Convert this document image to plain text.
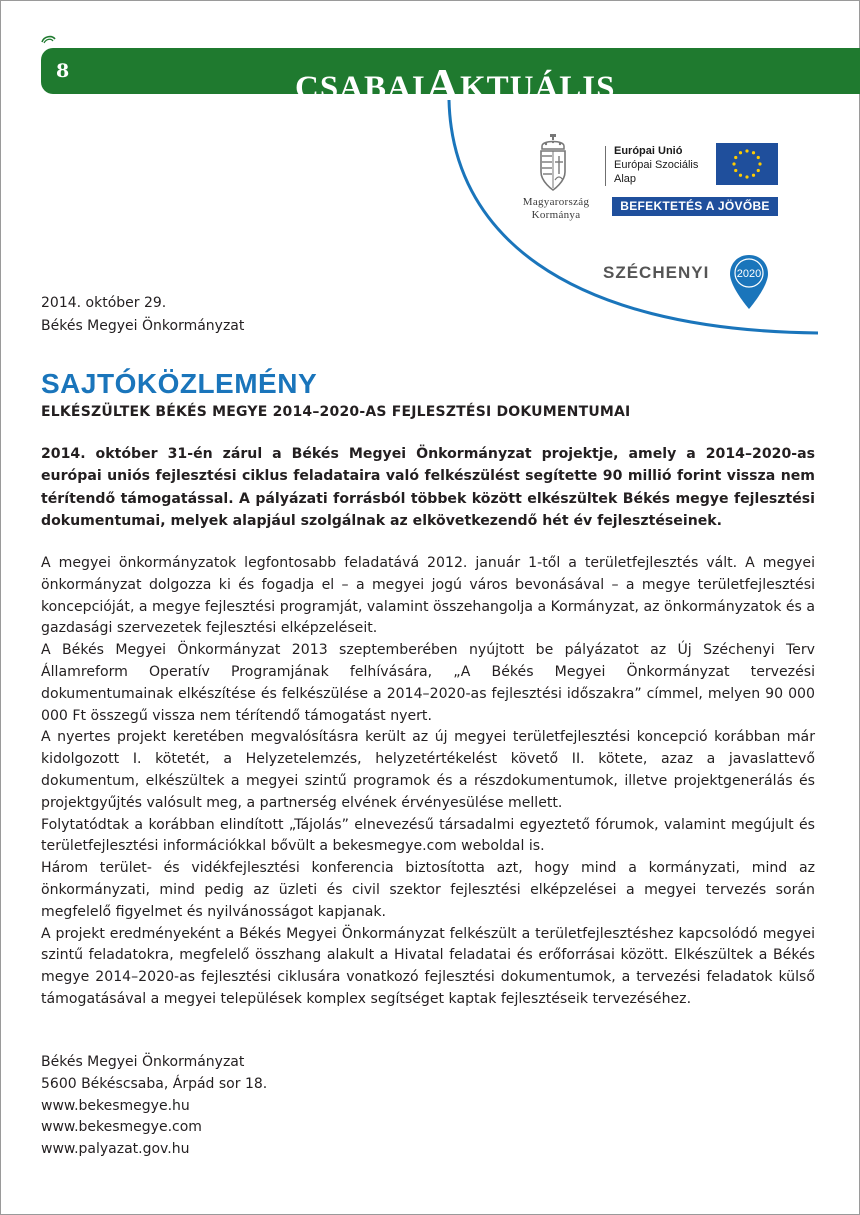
8	CSABAIAKTUÁLIS
Magyarország
Kormánya
Európai Unió
Európai Szociális
Alap
BEFEKTETÉS A JÖVŐBE
SZÉCHENYI 2020
2014. október 29.
Békés Megyei Önkormányzat
SAJTÓKÖZLEMÉNY
ELKÉSZÜLTEK BÉKÉS MEGYE 2014–2020-AS FEJLESZTÉSI DOKUMENTUMAI
2014. október 31-én zárul a Békés Megyei Önkormányzat projektje, amely a 2014–2020-as európai uniós fejlesztési ciklus feladataira való felkészülést segítette 90 millió forint vissza nem térítendő támogatással. A pályázati forrásból többek között elkészültek Békés megye fejlesztési dokumentumai, melyek alapjául szolgálnak az elkövetkezendő hét év fejlesztéseinek.

A megyei önkormányzatok legfontosabb feladatává 2012. január 1-től a területfejlesztés vált. A megyei önkormányzat dolgozza ki és fogadja el – a megyei jogú város bevonásával – a megye területfejlesztési koncepcióját, a megye fejlesztési programját, valamint összehangolja a Kormányzat, az önkormányzatok és a gazdasági szervezetek fejlesztési elképzeléseit.

A Békés Megyei Önkormányzat 2013 szeptemberében nyújtott be pályázatot az Új Széchenyi Terv Államreform Operatív Programjának felhívására, „A Békés Megyei Önkormányzat tervezési dokumentumainak elkészítése és felkészülése a 2014–2020-as fejlesztési időszakra” címmel, melyen 90 000 000 Ft összegű vissza nem térítendő támogatást nyert.

A nyertes projekt keretében megvalósításra került az új megyei területfejlesztési koncepció korábban már kidolgozott I. kötetét, a Helyzetelemzés, helyzetértékelést követő II. kötete, azaz a javaslattevő dokumentum, elkészültek a megyei szintű programok és a részdokumentumok, illetve projektgenerálás és projektgyűjtés valósult meg, a partnerség elvének érvényesülése mellett.

Folytatódtak a korábban elindított „Tájolás” elnevezésű társadalmi egyeztető fórumok, valamint megújult és területfejlesztési információkkal bővült a bekesmegye.com weboldal is.

Három terület- és vidékfejlesztési konferencia biztosította azt, hogy mind a kormányzati, mind az önkormányzati, mind pedig az üzleti és civil szektor fejlesztési elképzelései a megyei tervezés során megfelelő figyelmet és nyilvánosságot kapjanak.

A projekt eredményeként a Békés Megyei Önkormányzat felkészült a területfejlesztéshez kapcsolódó megyei szintű feladatokra, megfelelő összhang alakult a Hivatal feladatai és erőforrásai között. Elkészültek a Békés megye 2014–2020-as fejlesztési ciklusára vonatkozó fejlesztési dokumentumok, a tervezési feladatok külső támogatásával a megyei települések komplex segítséget kaptak fejlesztéseik tervezéséhez.

Békés Megyei Önkormányzat
5600 Békéscsaba, Árpád sor 18.
www.bekesmegye.hu
www.bekesmegye.com
www.palyazat.gov.hu
